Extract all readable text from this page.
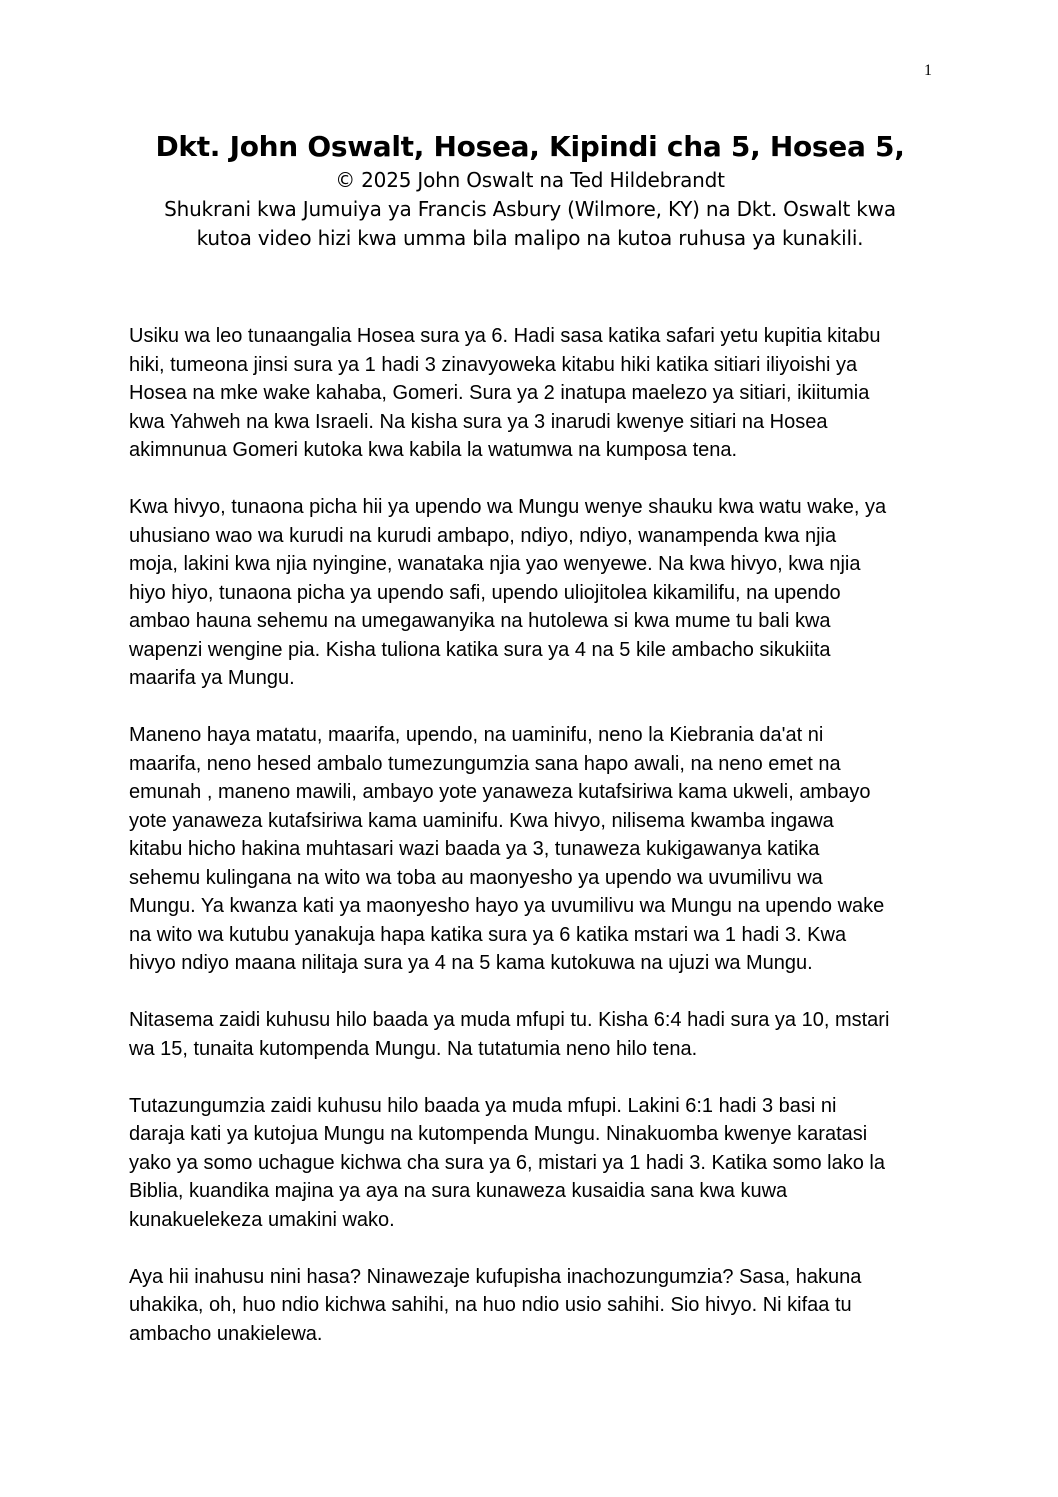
1

Dkt. John Oswalt, Hosea, Kipindi cha 5, Hosea 5,

© 2025 John Oswalt na Ted Hildebrandt

Shukrani kwa Jumuiya ya Francis Asbury (Wilmore, KY) na Dkt. Oswalt kwa

kutoa video hizi kwa umma bila malipo na kutoa ruhusa ya kunakili.

Usiku wa leo tunaangalia Hosea sura ya 6. Hadi sasa katika safari yetu kupitia kitabu
hiki, tumeona jinsi sura ya 1 hadi 3 zinavyoweka kitabu hiki katika sitiari iliyoishi ya
Hosea na mke wake kahaba, Gomeri. Sura ya 2 inatupa maelezo ya sitiari, ikiitumia
kwa Yahweh na kwa Israeli. Na kisha sura ya 3 inarudi kwenye sitiari na Hosea
akimnunua Gomeri kutoka kwa kabila la watumwa na kumposa tena.

Kwa hivyo, tunaona picha hii ya upendo wa Mungu wenye shauku kwa watu wake, ya
uhusiano wao wa kurudi na kurudi ambapo, ndiyo, ndiyo, wanampenda kwa njia
moja, lakini kwa njia nyingine, wanataka njia yao wenyewe. Na kwa hivyo, kwa njia
hiyo hiyo, tunaona picha ya upendo safi, upendo uliojitolea kikamilifu, na upendo
ambao hauna sehemu na umegawanyika na hutolewa si kwa mume tu bali kwa
wapenzi wengine pia. Kisha tuliona katika sura ya 4 na 5 kile ambacho sikukiita
maarifa ya Mungu.

Maneno haya matatu, maarifa, upendo, na uaminifu, neno la Kiebrania da'at ni
maarifa, neno hesed ambalo tumezungumzia sana hapo awali, na neno emet na
emunah , maneno mawili, ambayo yote yanaweza kutafsiriwa kama ukweli, ambayo
yote yanaweza kutafsiriwa kama uaminifu. Kwa hivyo, nilisema kwamba ingawa
kitabu hicho hakina muhtasari wazi baada ya 3, tunaweza kukigawanya katika
sehemu kulingana na wito wa toba au maonyesho ya upendo wa uvumilivu wa
Mungu. Ya kwanza kati ya maonyesho hayo ya uvumilivu wa Mungu na upendo wake
na wito wa kutubu yanakuja hapa katika sura ya 6 katika mstari wa 1 hadi 3. Kwa
hivyo ndiyo maana nilitaja sura ya 4 na 5 kama kutokuwa na ujuzi wa Mungu.

Nitasema zaidi kuhusu hilo baada ya muda mfupi tu. Kisha 6:4 hadi sura ya 10, mstari
wa 15, tunaita kutompenda Mungu. Na tutatumia neno hilo tena.

Tutazungumzia zaidi kuhusu hilo baada ya muda mfupi. Lakini 6:1 hadi 3 basi ni
daraja kati ya kutojua Mungu na kutompenda Mungu. Ninakuomba kwenye karatasi
yako ya somo uchague kichwa cha sura ya 6, mistari ya 1 hadi 3. Katika somo lako la
Biblia, kuandika majina ya aya na sura kunaweza kusaidia sana kwa kuwa
kunakuelekeza umakini wako.

Aya hii inahusu nini hasa? Ninawezaje kufupisha inachozungumzia? Sasa, hakuna
uhakika, oh, huo ndio kichwa sahihi, na huo ndio usio sahihi. Sio hivyo. Ni kifaa tu
ambacho unakielewa.
